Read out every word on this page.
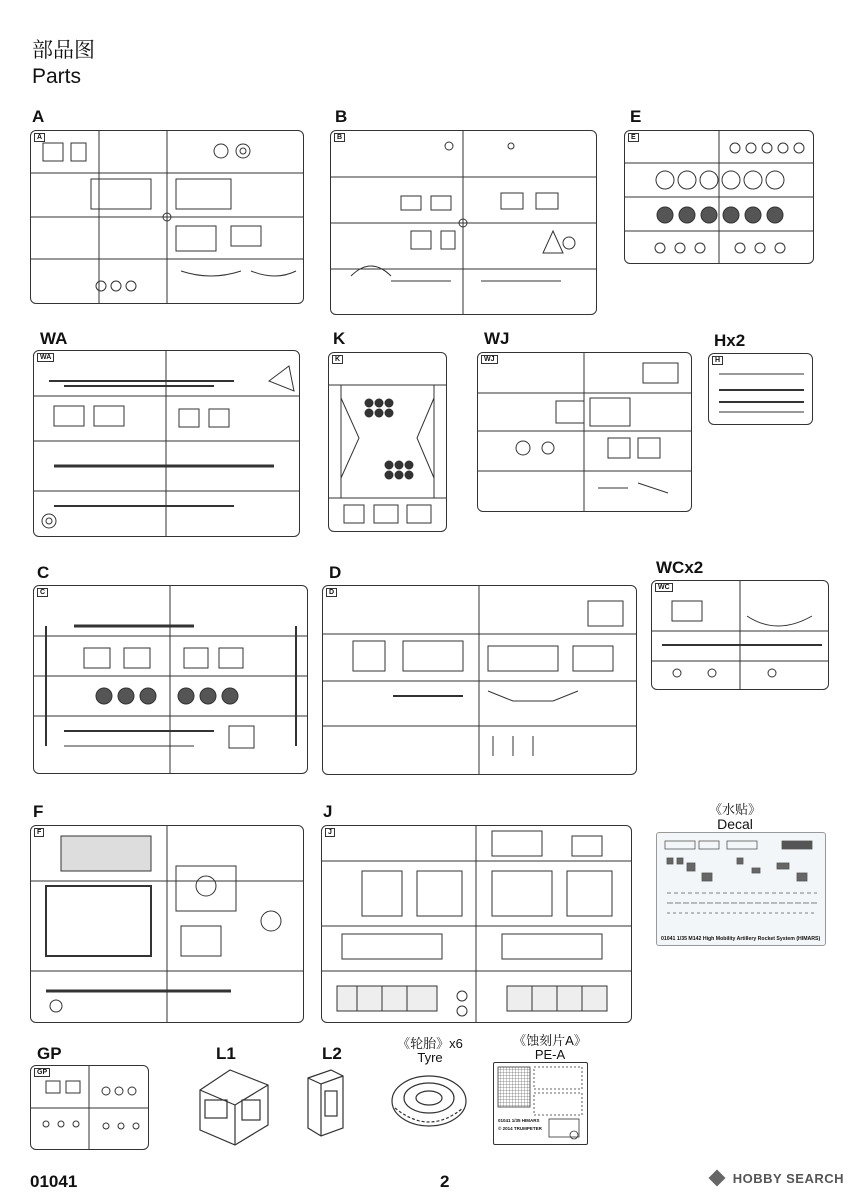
部品图
Parts
A
A
B
B
E
E
WA
WA
K
K
WJ
WJ
Hx2
H
C
C
D
D
WCx2
WC
F
F
J
J
《水贴》
Decal
01041 1/35 M142 High Mobility Artillery Rocket System (HIMARS)
GP
GP
L1	L2
《轮胎》x6
Tyre
《蚀刻片A》
PE-A
01041 1/35 HIMARS
© 2014 TRUMPETER
01041	2	HOBBY SEARCH
